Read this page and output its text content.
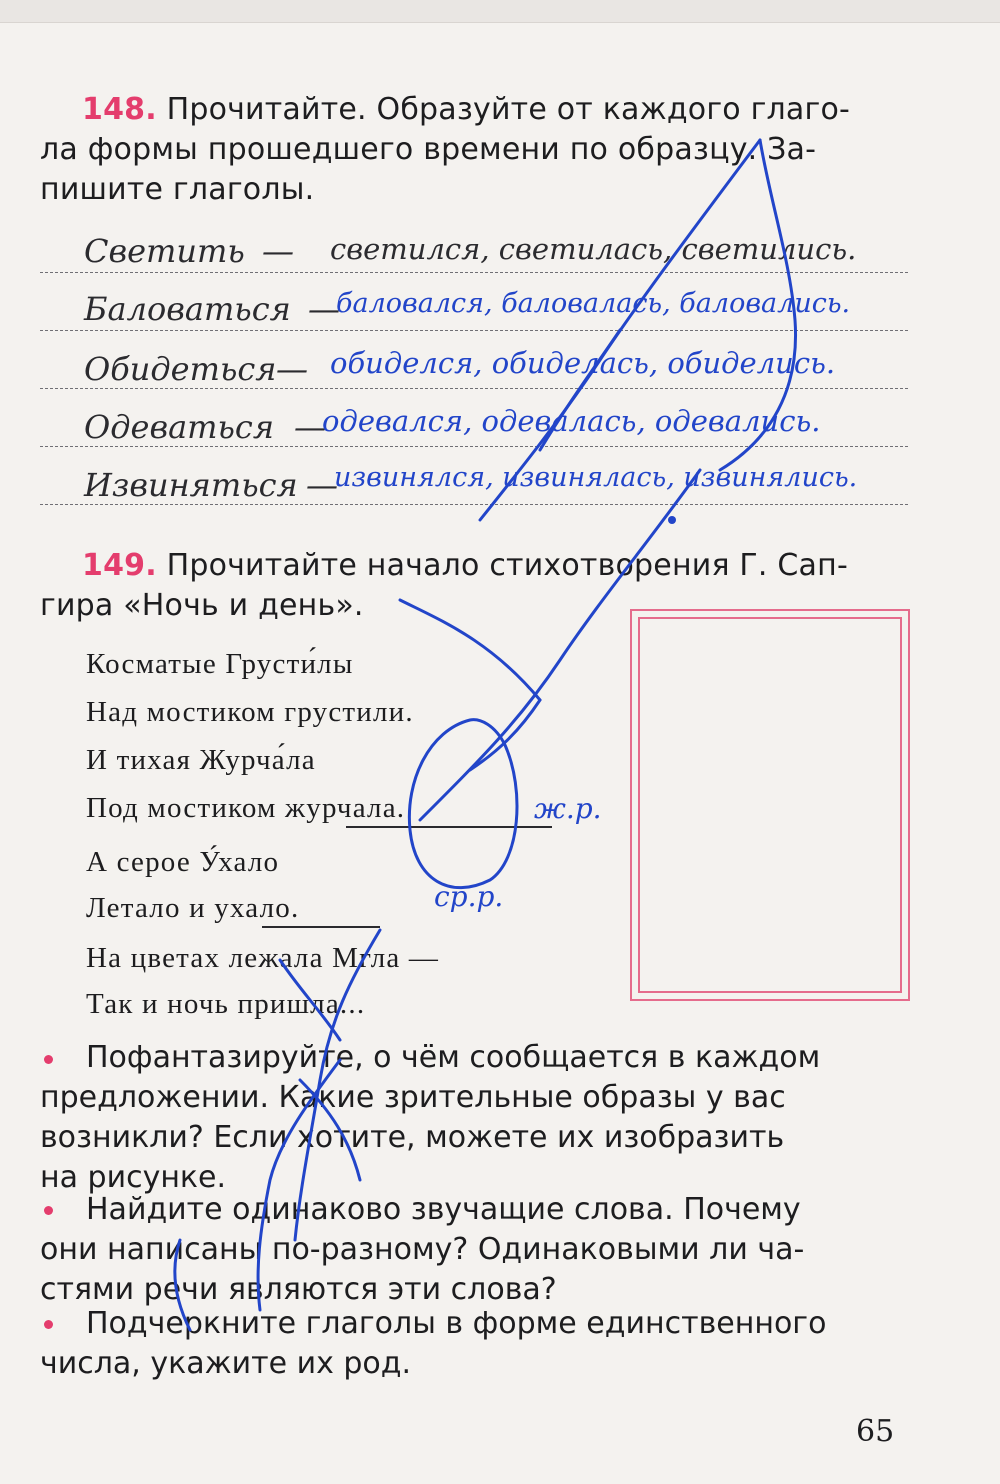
148. Прочитайте. Образуйте от каждого глаго-
ла формы прошедшего времени по образцу. За-
пишите глаголы.
Светить — светился, светилась, светились.
Баловаться —
баловался, баловалась, баловались.
Обидеться — обиделся, обиделась, обиделись.
Одеваться —
одевался, одевалась, одевались.
Извиняться —
извинялся, извинялась, извинялись.
149. Прочитайте начало стихотворения Г. Сап-
гира «Ночь и день».
Косматые Грусти́лы
Над мостиком грустили.
И тихая Журча́ла
Под мостиком журчала.
А серое У́хало
Летало и ухало.
На цветах лежала Мгла —
Так и ночь пришла...
ж.р.
ср.р.
Пофантазируйте, о чём сообщается в каждом
предложении. Какие зрительные образы у вас
возникли? Если хотите, можете их изобразить
на рисунке.
Найдите одинаково звучащие слова. Почему
они написаны по-разному? Одинаковыми ли ча-
стями речи являются эти слова?
Подчеркните глаголы в форме единственного
числа, укажите их род.
65
